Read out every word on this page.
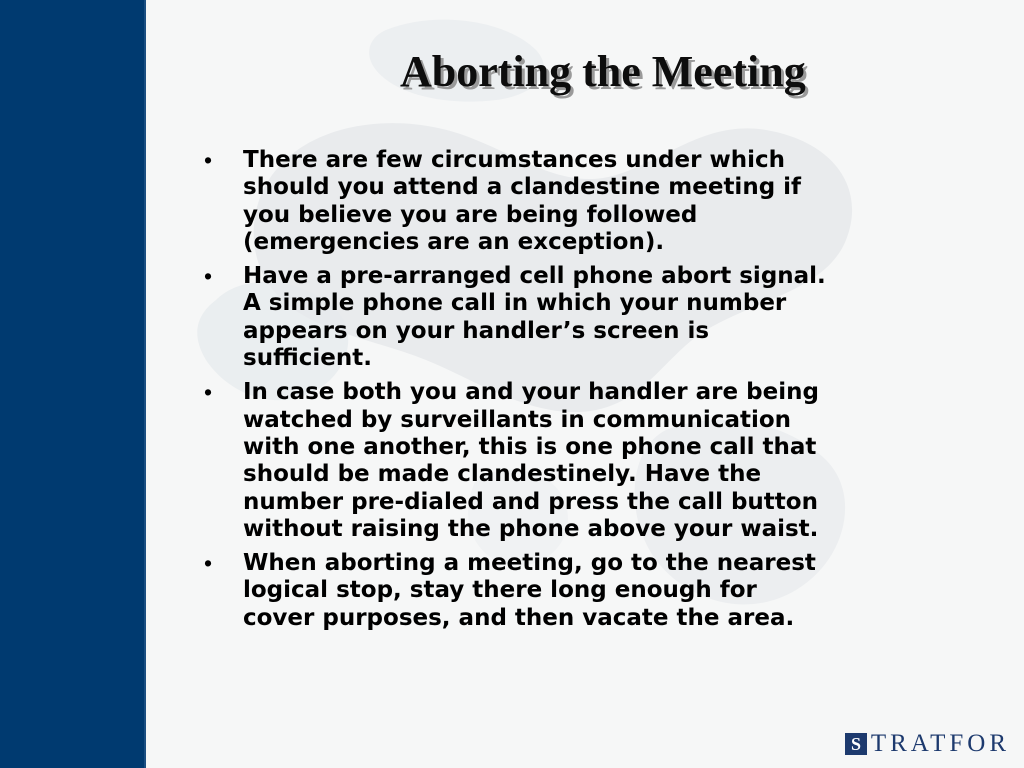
Aborting the Meeting
•	There are few circumstances under which
should you attend a clandestine meeting if
you believe you are being followed
(emergencies are an exception).
•	Have a pre-arranged cell phone abort signal.
A simple phone call in which your number
appears on your handler’s screen is
sufficient.
•	In case both you and your handler are being
watched by surveillants in communication
with one another, this is one phone call that
should be made clandestinely. Have the
number pre-dialed and press the call button
without raising the phone above your waist.
•	When aborting a meeting, go to the nearest
logical stop, stay there long enough for
cover purposes, and then vacate the area.
S TRATFOR
